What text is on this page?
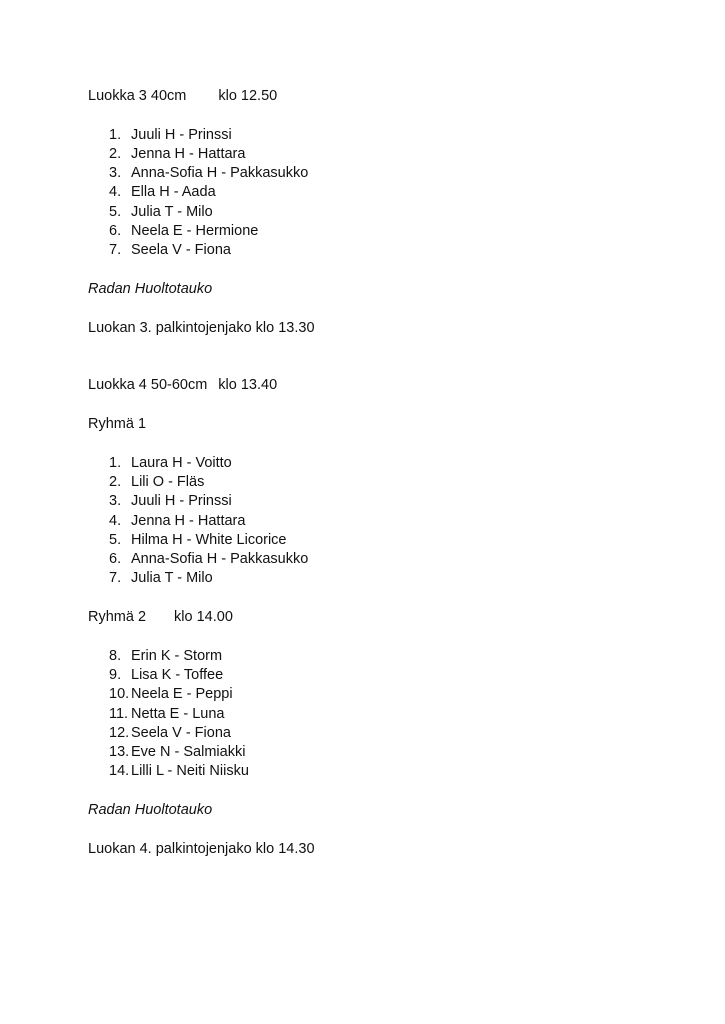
Luokka 3 40cm klo 12.50
1. Juuli H - Prinssi
2. Jenna H - Hattara
3. Anna-Sofia H - Pakkasukko
4. Ella H - Aada
5. Julia T - Milo
6. Neela E - Hermione
7. Seela V - Fiona
Radan Huoltotauko
Luokan 3. palkintojenjako klo 13.30
Luokka 4 50-60cm klo 13.40
Ryhmä 1
1. Laura H - Voitto
2. Lili O - Fläs
3. Juuli H - Prinssi
4. Jenna H - Hattara
5. Hilma H - White Licorice
6. Anna-Sofia H - Pakkasukko
7. Julia T - Milo
Ryhmä 2 klo 14.00
8. Erin K - Storm
9. Lisa K - Toffee
10. Neela E - Peppi
11. Netta E - Luna
12. Seela V - Fiona
13. Eve N - Salmiakki
14. Lilli L - Neiti Niisku
Radan Huoltotauko
Luokan 4. palkintojenjako klo 14.30
